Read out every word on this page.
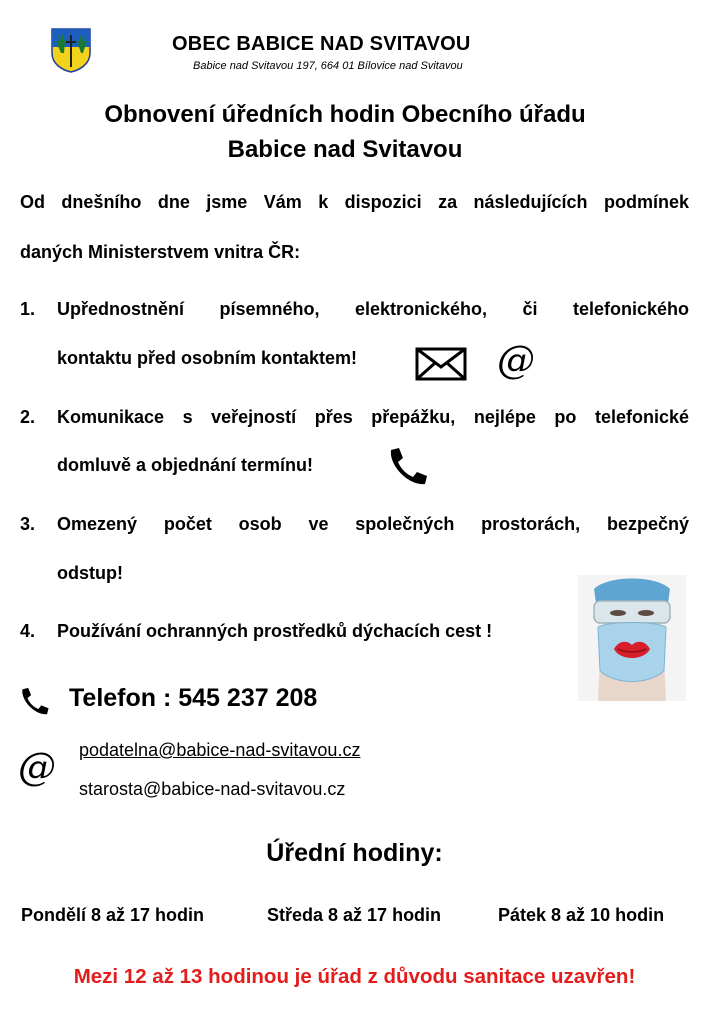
OBEC BABICE NAD SVITAVOU
Babice nad Svitavou 197, 664 01 Bílovice nad Svitavou
Obnovení úředních hodin Obecního úřadu
Babice nad Svitavou
Od dnešního dne jsme Vám k dispozici za následujících podmínek
daných Ministerstvem vnitra ČR:
1. Upřednostnění písemného, elektronického, či telefonického
kontaktu před osobním kontaktem!	@
2. Komunikace s veřejností přes přepážku, nejlépe po telefonické
domluvě a objednání termínu!
3. Omezený počet osob ve společných prostorách, bezpečný
odstup!
4. Používání ochranných prostředků dýchacích cest !
Telefon : 545 237 208
@ podatelna@babice-nad-svitavou.cz
starosta@babice-nad-svitavou.cz
Úřední hodiny:
Pondělí 8 až 17 hodin	Středa 8 až 17 hodin	Pátek 8 až 10 hodin
Mezi 12 až 13 hodinou je úřad z důvodu sanitace uzavřen!
